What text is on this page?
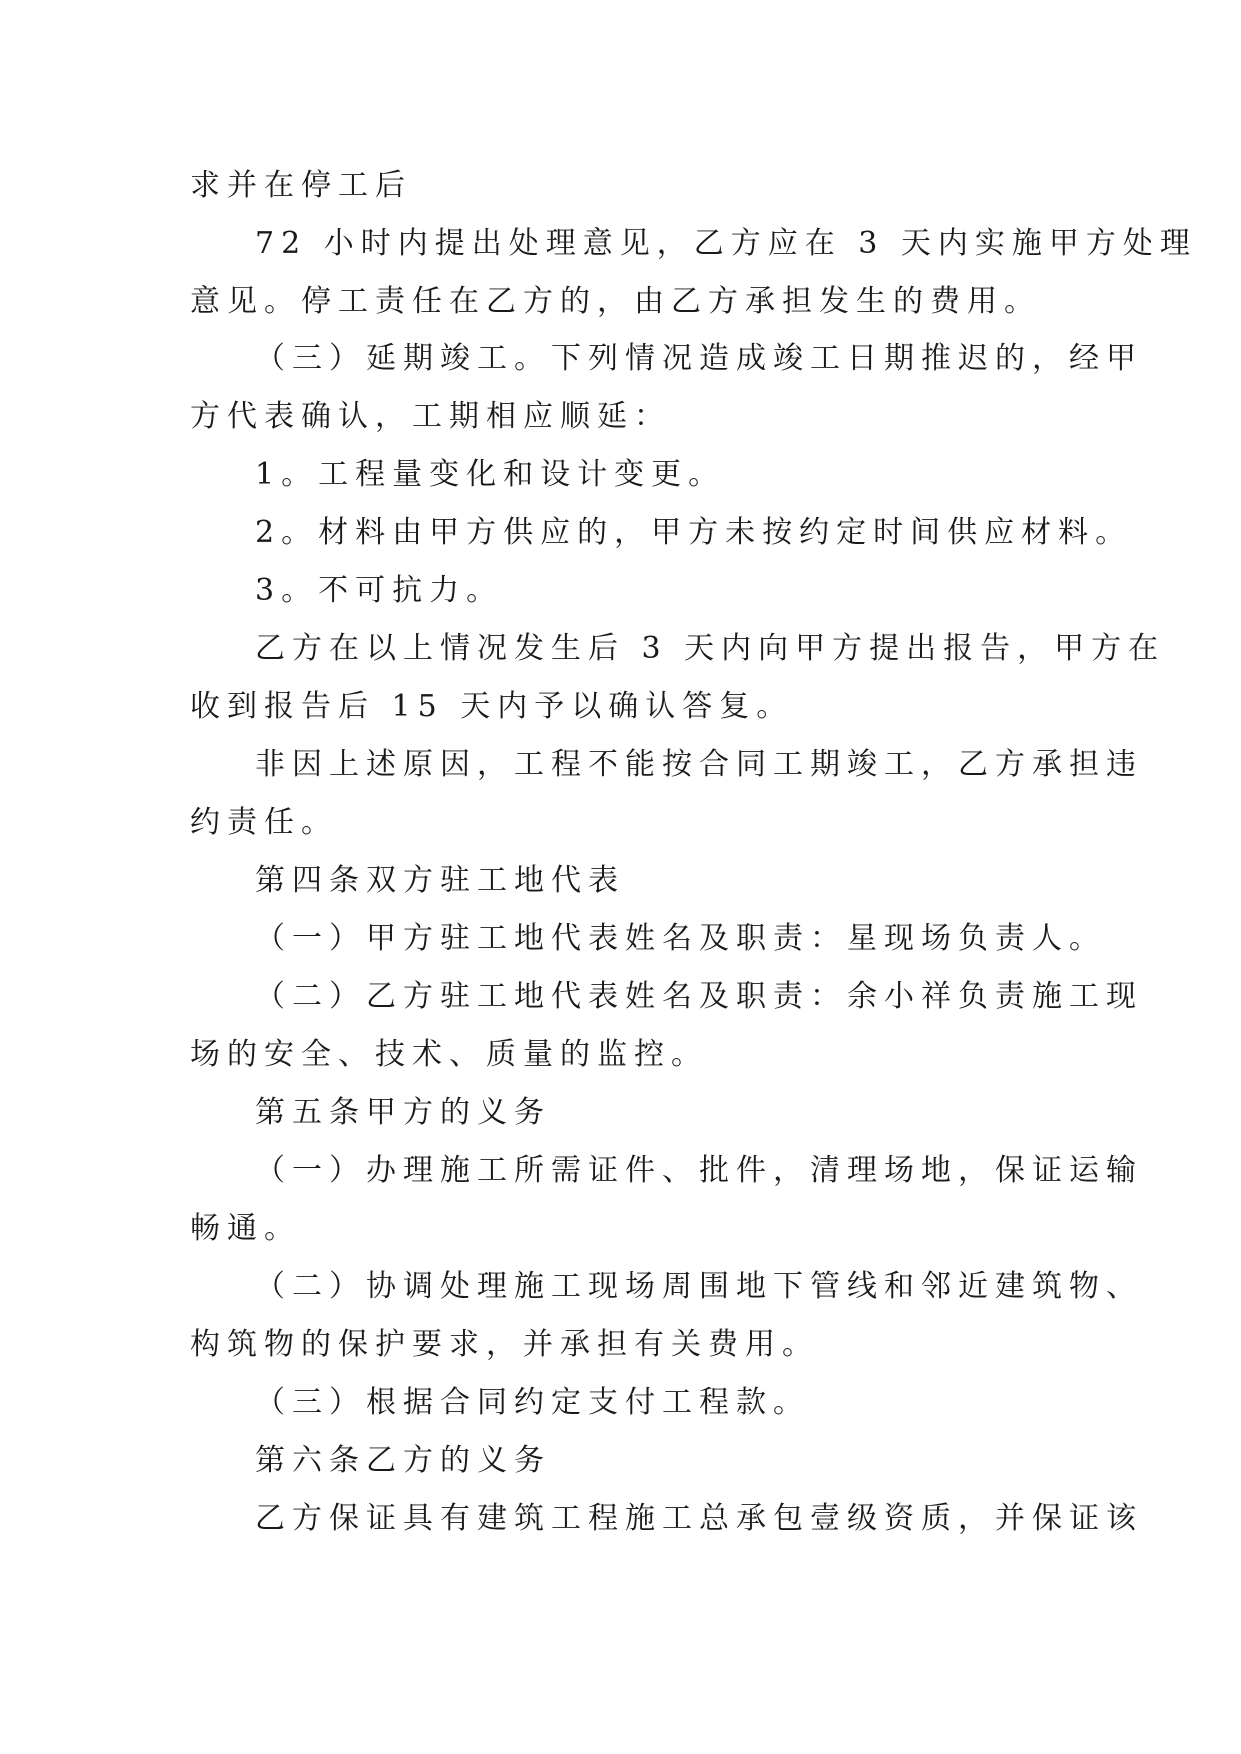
求并在停工后
72 小时内提出处理意见，乙方应在 3 天内实施甲方处理
意见。停工责任在乙方的，由乙方承担发生的费用。
（三）延期竣工。下列情况造成竣工日期推迟的，经甲
方代表确认，工期相应顺延：
1。工程量变化和设计变更。
2。材料由甲方供应的，甲方未按约定时间供应材料。
3。不可抗力。
乙方在以上情况发生后 3 天内向甲方提出报告，甲方在
收到报告后 15 天内予以确认答复。
非因上述原因，工程不能按合同工期竣工，乙方承担违
约责任。
第四条双方驻工地代表
（一）甲方驻工地代表姓名及职责：星现场负责人。
（二）乙方驻工地代表姓名及职责：余小祥负责施工现
场的安全、技术、质量的监控。
第五条甲方的义务
（一）办理施工所需证件、批件，清理场地，保证运输
畅通。
（二）协调处理施工现场周围地下管线和邻近建筑物、
构筑物的保护要求，并承担有关费用。
（三）根据合同约定支付工程款。
第六条乙方的义务
乙方保证具有建筑工程施工总承包壹级资质，并保证该
